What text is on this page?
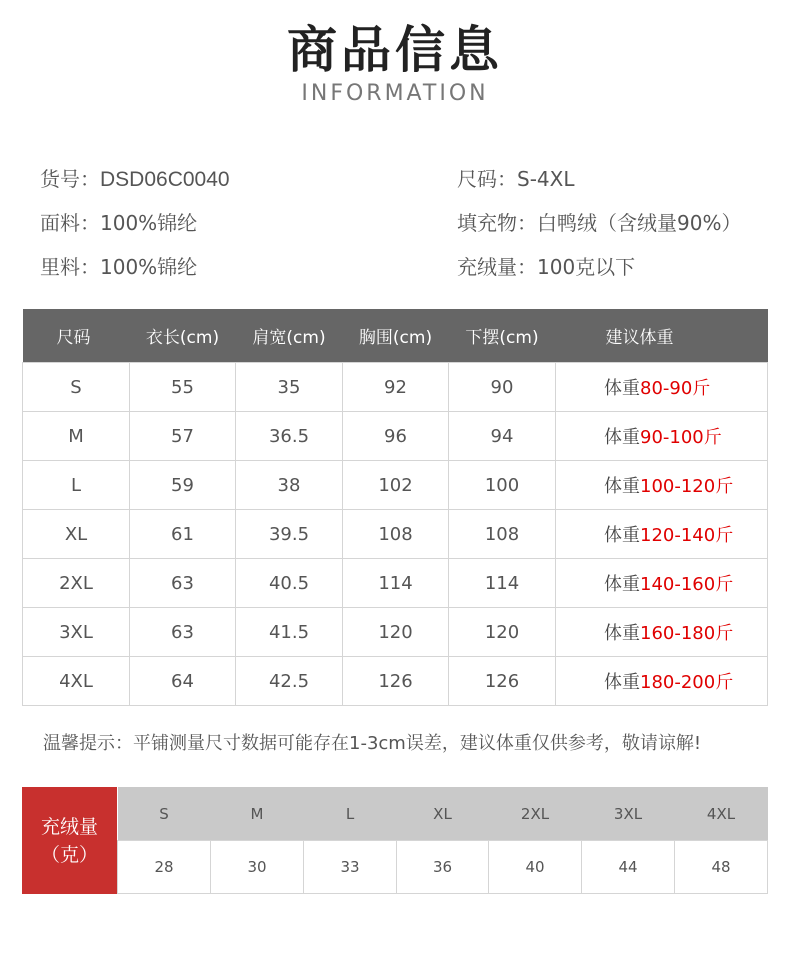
商品信息
INFORMATION
货号：DSD06C0040	尺码：S-4XL
面料：100%锦纶	填充物：白鸭绒（含绒量90%）
里料：100%锦纶	充绒量：100克以下
尺码	衣长(cm)	肩宽(cm)	胸围(cm)	下摆(cm)	建议体重
S	55	35	92	90	体重80-90斤
M	57	36.5	96	94	体重90-100斤
L	59	38	102	100	体重100-120斤
XL	61	39.5	108	108	体重120-140斤
2XL	63	40.5	114	114	体重140-160斤
3XL	63	41.5	120	120	体重160-180斤
4XL	64	42.5	126	126	体重180-200斤
温馨提示：平铺测量尺寸数据可能存在1-3cm误差，建议体重仅供参考，敬请谅解!
充绒量
（克）
S	M	L	XL	2XL	3XL	4XL
28	30	33	36	40	44	48
